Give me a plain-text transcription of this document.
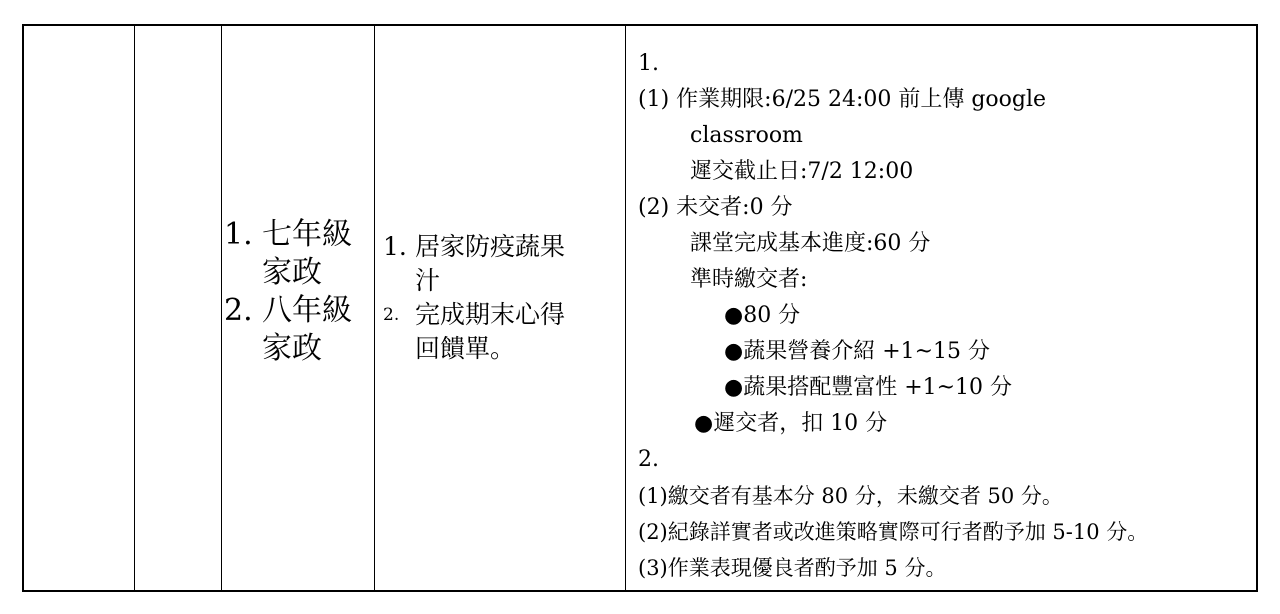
1. 七年級
家政
2. 八年級
家政
1. 居家防疫蔬果
汁
2. 完成期末心得
回饋單。
1.
(1) 作業期限:6/25 24:00 前上傳 google
classroom
遲交截止日:7/2 12:00
(2) 未交者:0 分
課堂完成基本進度:60 分
準時繳交者:
●80 分
●蔬果營養介紹 +1~15 分
●蔬果搭配豐富性 +1~10 分
●遲交者，扣 10 分
2.
(1)繳交者有基本分 80 分，未繳交者 50 分。
(2)紀錄詳實者或改進策略實際可行者酌予加 5-10 分。
(3)作業表現優良者酌予加 5 分。
